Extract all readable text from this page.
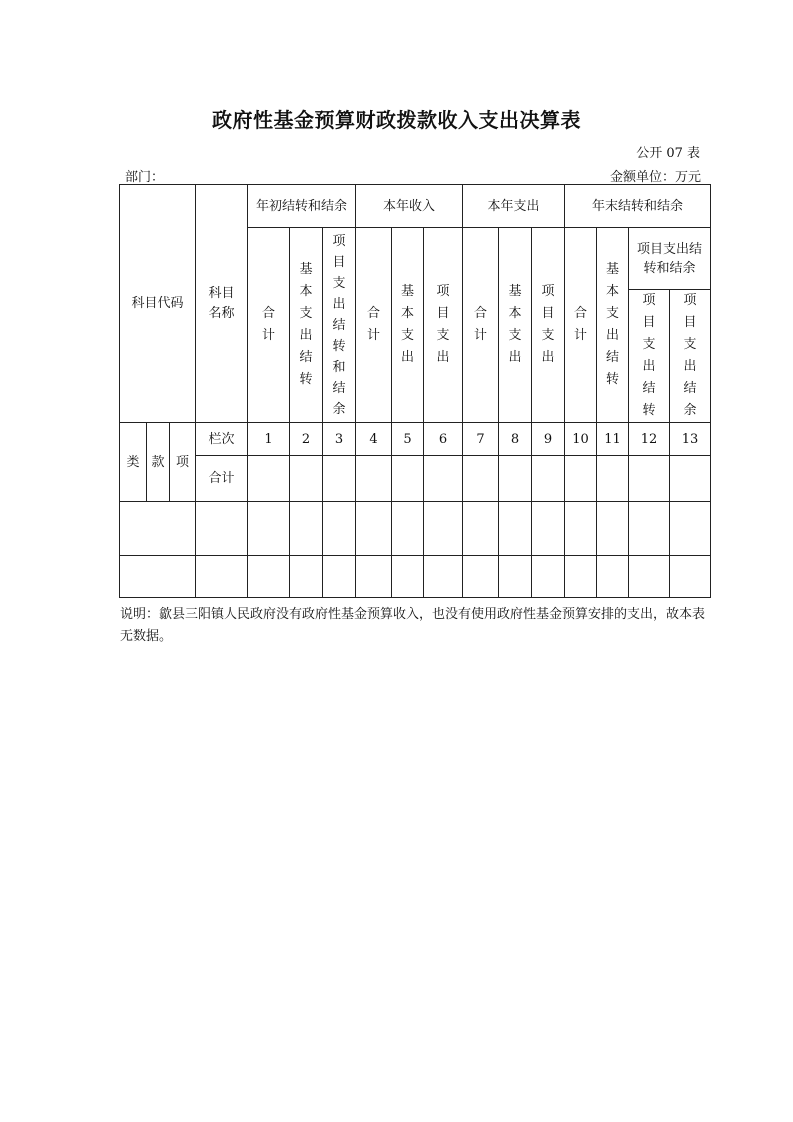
政府性基金预算财政拨款收入支出决算表
公开 07 表
部门：	金额单位：万元
科目代码			科目名称	年初结转和结余			本年收入			本年支出			年末结转和结余			
				合计	基本支出结转	项目支出结转和结余	合计	基本支出	项目支出	合计	基本支出	项目支出	合计	基本支出结转	项目支出结转和结余	
															项目支出结转	项目支出结余
类	款	项	栏次	1	2	3	4	5	6	7	8	9	10	11	12	13
			合计													

说明：歙县三阳镇人民政府没有政府性基金预算收入，也没有使用政府性基金预算安排的支出，故本表无数据。
